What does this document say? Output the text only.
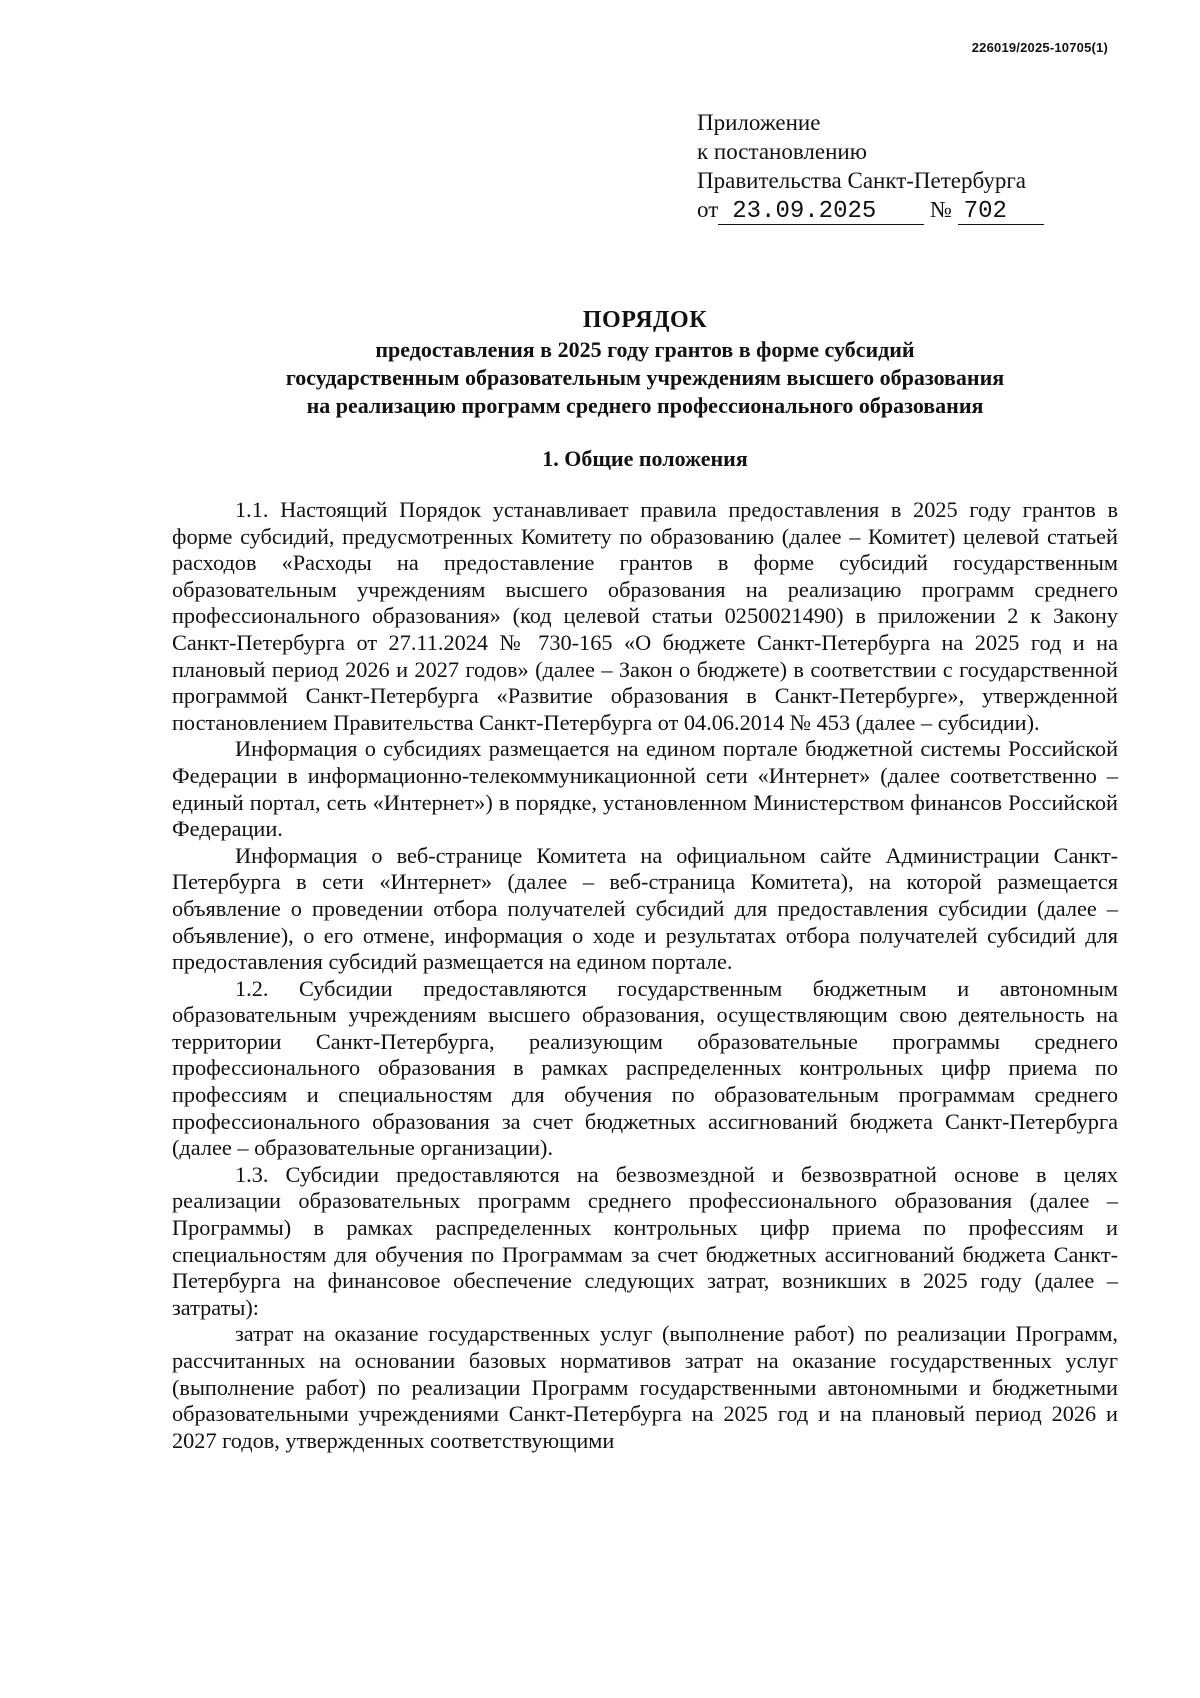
226019/2025-10705(1)
Приложение
к постановлению
Правительства Санкт-Петербурга
от 23.09.2025 № 702
ПОРЯДОК
предоставления в 2025 году грантов в форме субсидий
государственным образовательным учреждениям высшего образования
на реализацию программ среднего профессионального образования
1. Общие положения

1.1. Настоящий Порядок устанавливает правила предоставления в 2025 году грантов в форме субсидий, предусмотренных Комитету по образованию (далее – Комитет) целевой статьей расходов «Расходы на предоставление грантов в форме субсидий государственным образовательным учреждениям высшего образования на реализацию программ среднего профессионального образования» (код целевой статьи 0250021490) в приложении 2 к Закону Санкт-Петербурга от 27.11.2024 № 730-165 «О бюджете Санкт-Петербурга на 2025 год и на плановый период 2026 и 2027 годов» (далее – Закон о бюджете) в соответствии с государственной программой Санкт-Петербурга «Развитие образования в Санкт-Петербурге», утвержденной постановлением Правительства Санкт-Петербурга от 04.06.2014 № 453 (далее – субсидии).

Информация о субсидиях размещается на едином портале бюджетной системы Российской Федерации в информационно-телекоммуникационной сети «Интернет» (далее соответственно – единый портал, сеть «Интернет») в порядке, установленном Министерством финансов Российской Федерации.

Информация о веб-странице Комитета на официальном сайте Администрации Санкт-Петербурга в сети «Интернет» (далее – веб-страница Комитета), на которой размещается объявление о проведении отбора получателей субсидий для предоставления субсидии (далее – объявление), о его отмене, информация о ходе и результатах отбора получателей субсидий для предоставления субсидий размещается на едином портале.

1.2. Субсидии предоставляются государственным бюджетным и автономным образовательным учреждениям высшего образования, осуществляющим свою деятельность на территории Санкт-Петербурга, реализующим образовательные программы среднего профессионального образования в рамках распределенных контрольных цифр приема по профессиям и специальностям для обучения по образовательным программам среднего профессионального образования за счет бюджетных ассигнований бюджета Санкт-Петербурга (далее – образовательные организации).

1.3. Субсидии предоставляются на безвозмездной и безвозвратной основе в целях реализации образовательных программ среднего профессионального образования (далее – Программы) в рамках распределенных контрольных цифр приема по профессиям и специальностям для обучения по Программам за счет бюджетных ассигнований бюджета Санкт-Петербурга на финансовое обеспечение следующих затрат, возникших в 2025 году (далее – затраты):

затрат на оказание государственных услуг (выполнение работ) по реализации Программ, рассчитанных на основании базовых нормативов затрат на оказание государственных услуг (выполнение работ) по реализации Программ государственными автономными и бюджетными образовательными учреждениями Санкт-Петербурга на 2025 год и на плановый период 2026 и 2027 годов, утвержденных соответствующими
